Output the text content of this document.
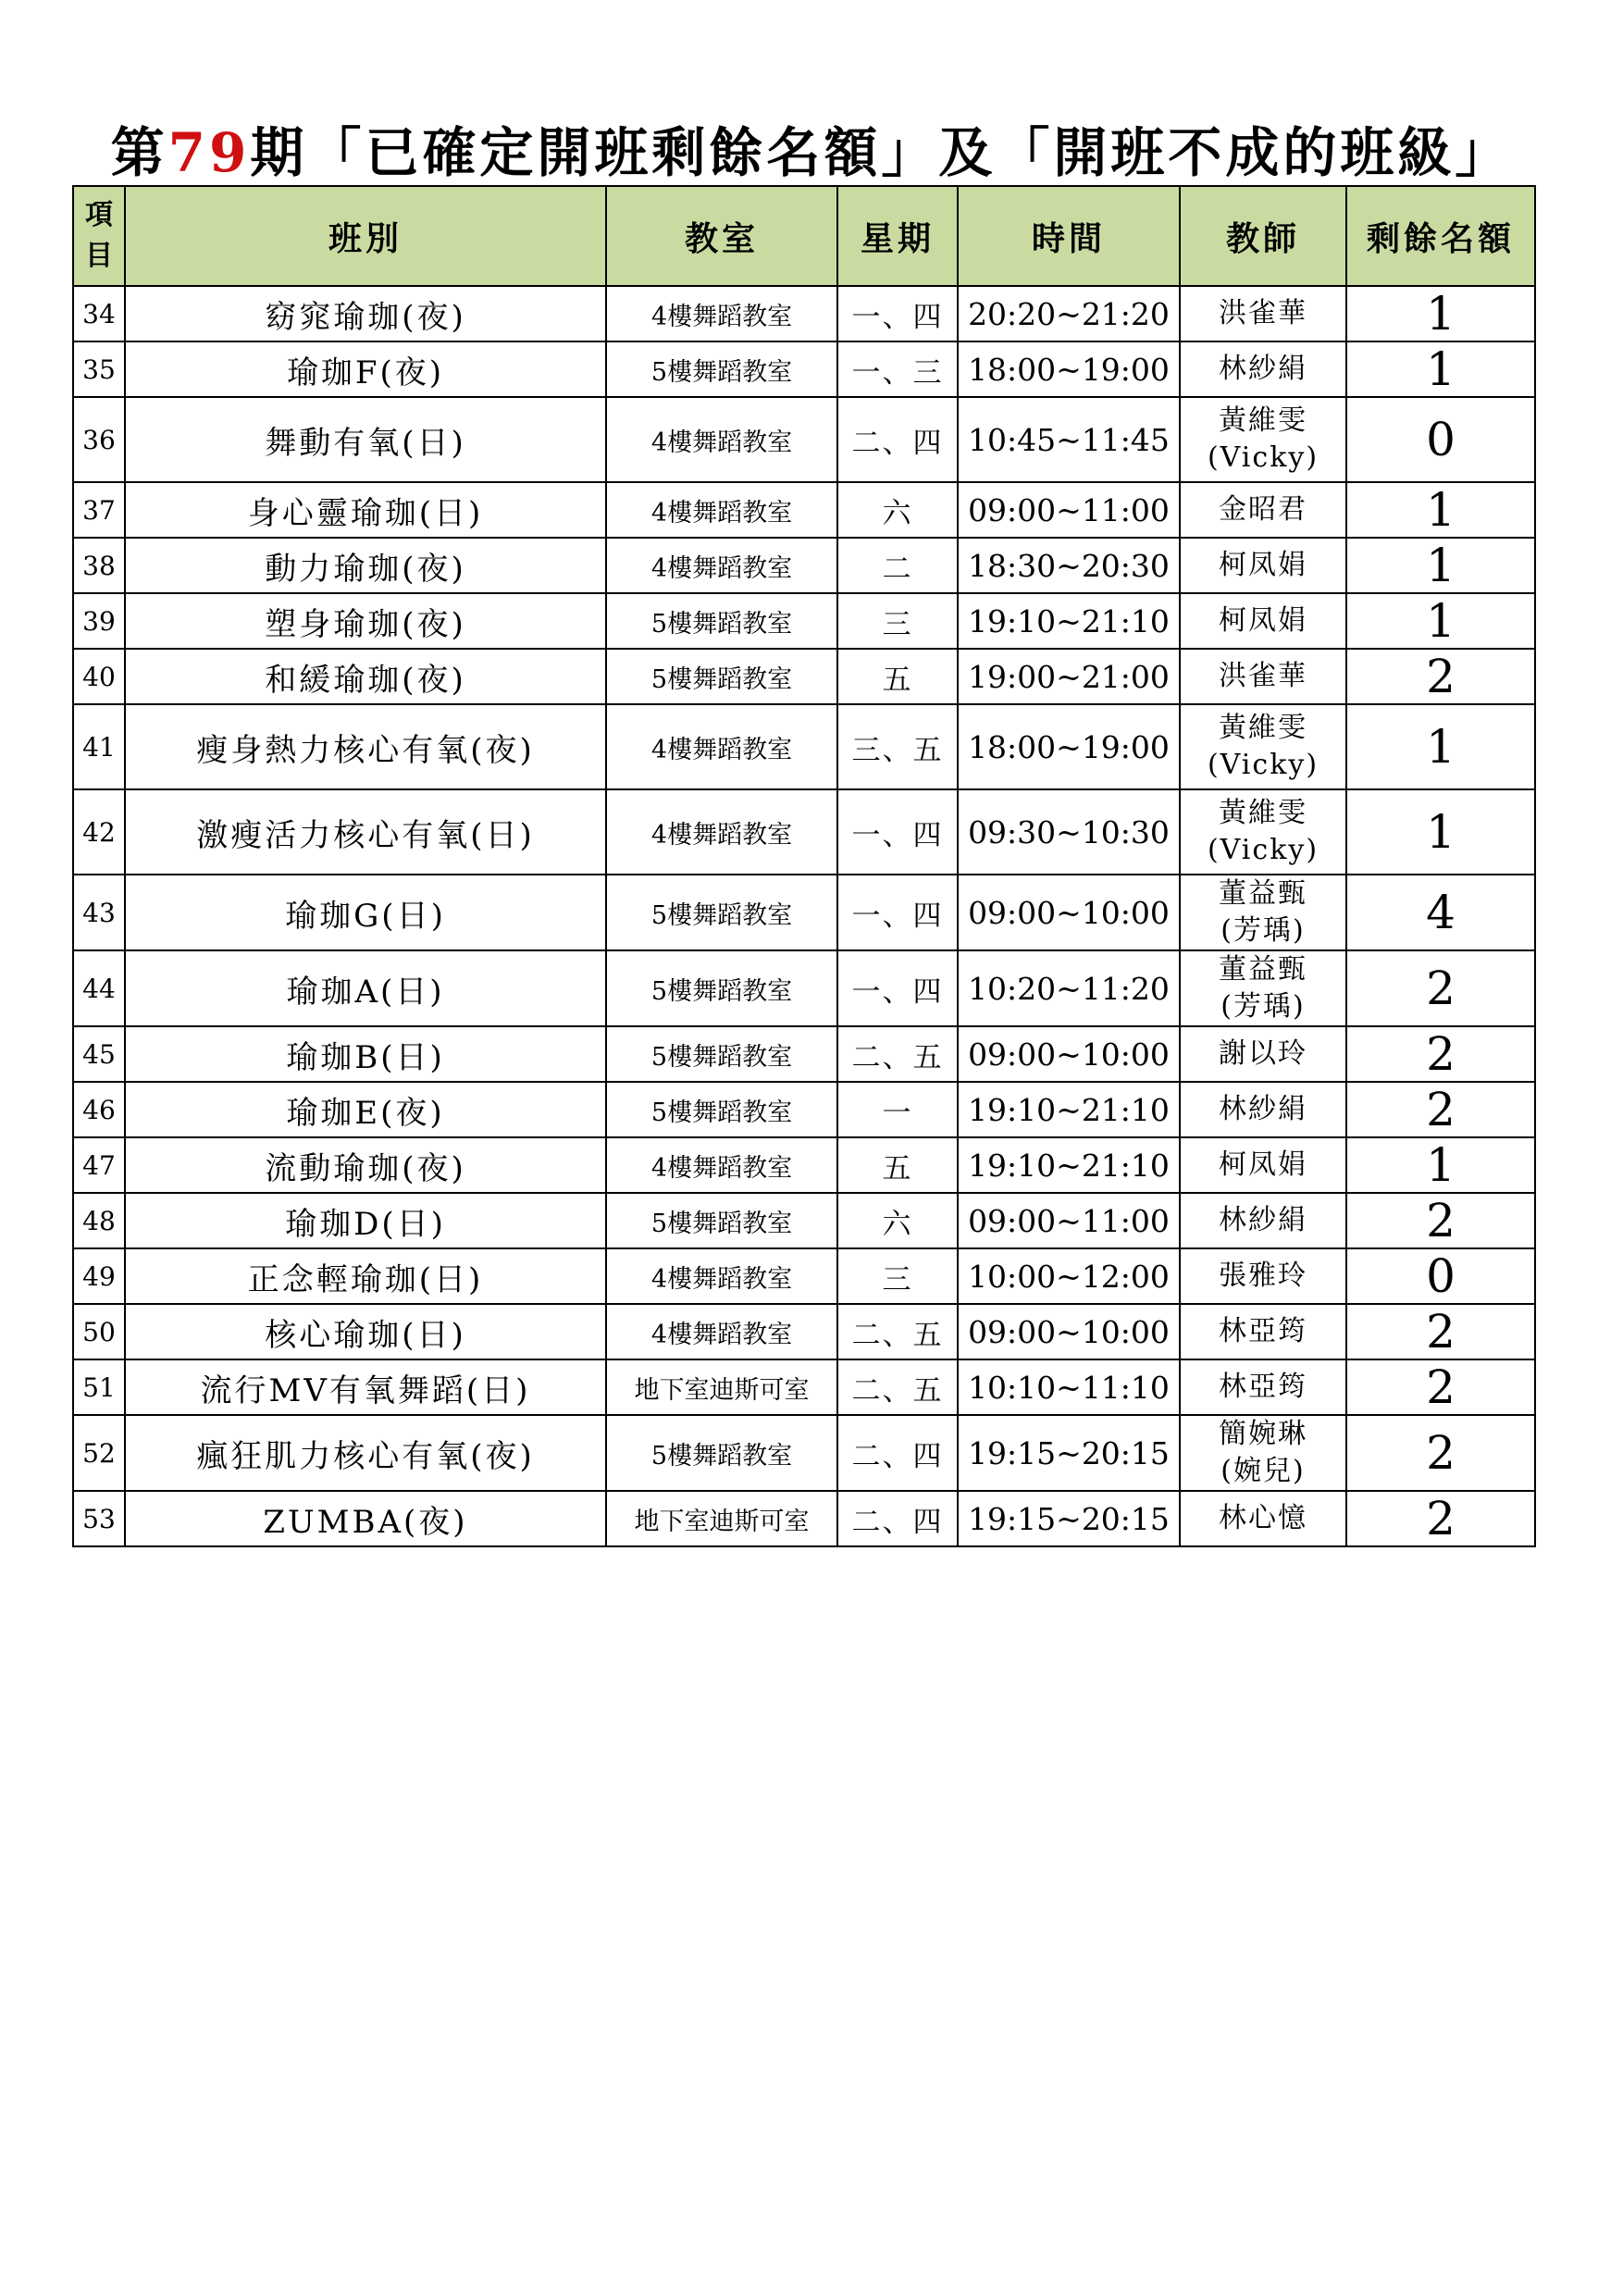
第79期「已確定開班剩餘名額」及「開班不成的班級」
項目	班別	教室	星期	時間	教師	剩餘名額
34	窈窕瑜珈(夜)	4樓舞蹈教室	一、四	20:20~21:20	洪雀華	1
35	瑜珈F(夜)	5樓舞蹈教室	一、三	18:00~19:00	林紗絹	1
36	舞動有氧(日)	4樓舞蹈教室	二、四	10:45~11:45	黃維雯
(Vicky)	0
37	身心靈瑜珈(日)	4樓舞蹈教室	六	09:00~11:00	金昭君	1
38	動力瑜珈(夜)	4樓舞蹈教室	二	18:30~20:30	柯凤娟	1
39	塑身瑜珈(夜)	5樓舞蹈教室	三	19:10~21:10	柯凤娟	1
40	和緩瑜珈(夜)	5樓舞蹈教室	五	19:00~21:00	洪雀華	2
41	瘦身熱力核心有氧(夜)	4樓舞蹈教室	三、五	18:00~19:00	黃維雯
(Vicky)	1
42	激瘦活力核心有氧(日)	4樓舞蹈教室	一、四	09:30~10:30	黃維雯
(Vicky)	1
43	瑜珈G(日)	5樓舞蹈教室	一、四	09:00~10:00	董益甄
(芳瑀)	4
44	瑜珈A(日)	5樓舞蹈教室	一、四	10:20~11:20	董益甄
(芳瑀)	2
45	瑜珈B(日)	5樓舞蹈教室	二、五	09:00~10:00	謝以玲	2
46	瑜珈E(夜)	5樓舞蹈教室	一	19:10~21:10	林紗絹	2
47	流動瑜珈(夜)	4樓舞蹈教室	五	19:10~21:10	柯凤娟	1
48	瑜珈D(日)	5樓舞蹈教室	六	09:00~11:00	林紗絹	2
49	正念輕瑜珈(日)	4樓舞蹈教室	三	10:00~12:00	張雅玲	0
50	核心瑜珈(日)	4樓舞蹈教室	二、五	09:00~10:00	林亞筠	2
51	流行MV有氧舞蹈(日)	地下室迪斯可室	二、五	10:10~11:10	林亞筠	2
52	瘋狂肌力核心有氧(夜)	5樓舞蹈教室	二、四	19:15~20:15	簡婉琳
(婉兒)	2
53	ZUMBA(夜)	地下室迪斯可室	二、四	19:15~20:15	林心憶	2
